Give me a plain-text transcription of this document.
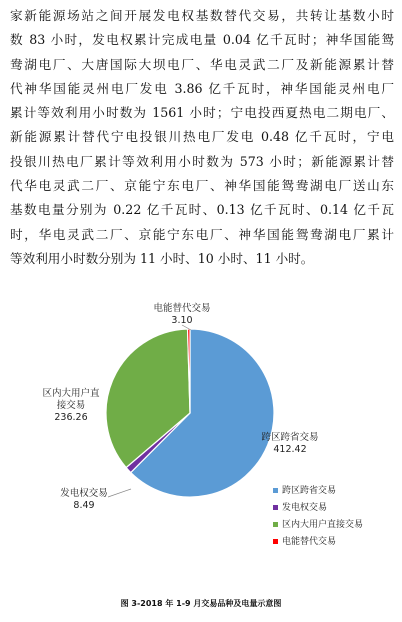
家新能源场站之间开展发电权基数替代交易，共转让基数小时
数 83 小时，发电权累计完成电量 0.04 亿千瓦时；神华国能鸳
鸯湖电厂、大唐国际大坝电厂、华电灵武二厂及新能源累计替
代神华国能灵州电厂发电 3.86 亿千瓦时，神华国能灵州电厂
累计等效利用小时数为 1561 小时；宁电投西夏热电二期电厂、
新能源累计替代宁电投银川热电厂发电 0.48 亿千瓦时，宁电
投银川热电厂累计等效利用小时数为 573 小时；新能源累计替
代华电灵武二厂、京能宁东电厂、神华国能鸳鸯湖电厂送山东
基数电量分别为 0.22 亿千瓦时、0.13 亿千瓦时、0.14 亿千瓦
时，华电灵武二厂、京能宁东电厂、神华国能鸳鸯湖电厂累计
等效利用小时数分别为 11 小时、10 小时、11 小时。
跨区跨省交易
412.42
发电权交易
8.49
区内大用户直
接交易
236.26
电能替代交易
3.10
跨区跨省交易
发电权交易
区内大用户直接交易
电能替代交易
图 3-2018 年 1-9 月交易品种及电量示意图
